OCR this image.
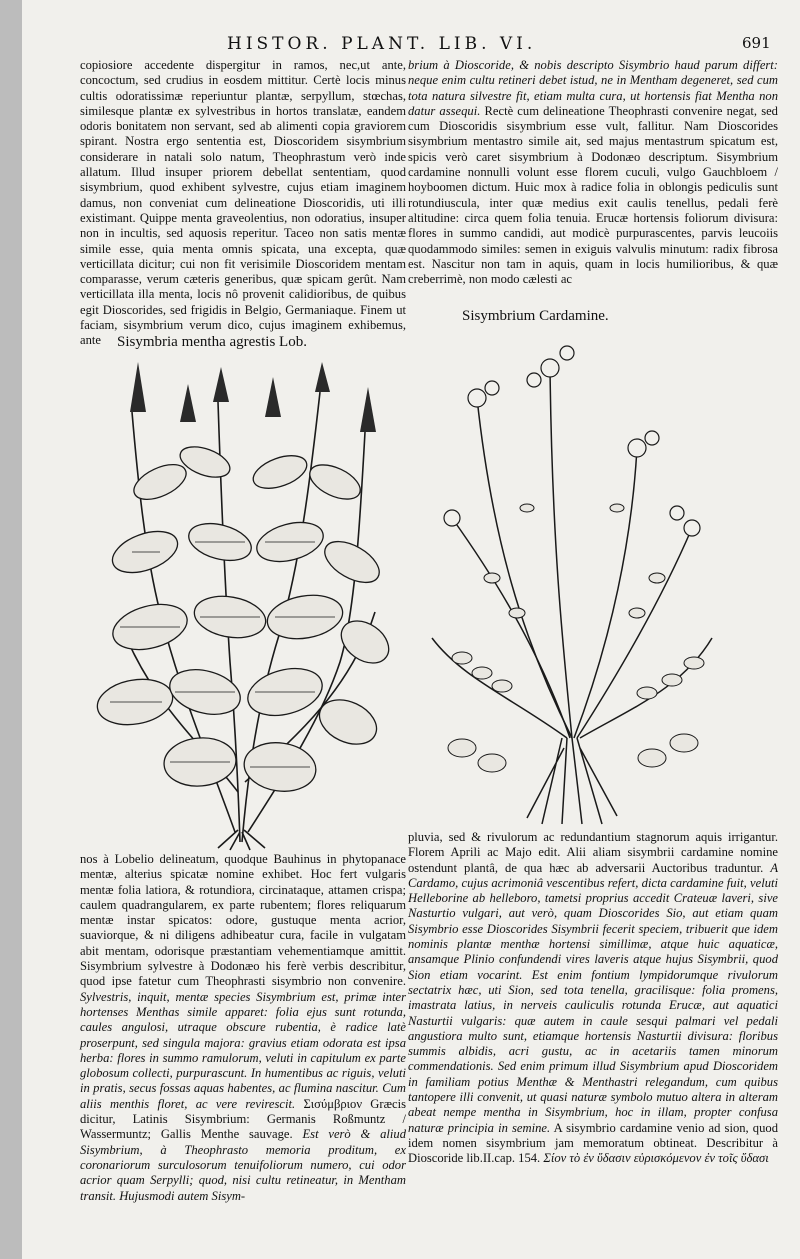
HISTOR. PLANT. LIB. VI.	691

copiosiore accedente dispergitur in ramos, nec,ut ante, concoctum, sed crudius in eosdem mittitur. Certè locis minus cultis odoratissimæ reperiuntur plantæ, serpyllum, stœchas, similesque plantæ ex sylvestribus in hortos translatæ, eandem odoris bonitatem non servant, sed ab alimenti copia graviorem spirant. Nostra ergo sententia est, Dioscoridem sisymbrium considerare in natali solo natum, Theophrastum verò inde allatum. Illud insuper priorem debellat sententiam, quod sisymbrium, quod exhibent sylvestre, cujus etiam imaginem damus, non conveniat cum delineatione Dioscoridis, uti illi existimant. Quippe menta graveolentius, non odoratius, insuper non in incultis, sed aquosis reperitur. Taceo non satis mentæ simile esse, quia menta omnis spicata, una excepta, quæ verticillata dicitur; cui non fit verisimile Dioscoridem mentam comparasse, verum cæteris generibus, quæ spicam gerût. Nam verticillata illa menta, locis nô provenit calidioribus, de quibus egit Dioscorides, sed frigidis in Belgio, Germaniaque. Finem ut faciam, sisymbrium verum dico, cujus imaginem exhibemus, ante	Sisymbria mentha agrestis Lob.

brium à Dioscoride, & nobis descripto Sisymbrio haud parum differt: neque enim cultu retineri debet istud, ne in Mentham degeneret, sed cum tota natura silvestre fit, etiam multa cura, ut hortensis fiat Mentha non datur assequi. Rectè cum delineatione Theophrasti convenire negat, sed cum Dioscoridis sisymbrium esse vult, fallitur. Nam Dioscorides sisymbrium mentastro simile ait, sed majus mentastrum spicatum est, spicis verò caret sisymbrium à Dodonæo descriptum. Sisymbrium cardamine nonnulli volunt esse florem cuculi, vulgo Gauchbloem / hoyboomen dictum. Huic mox à radice folia in oblongis pediculis sunt rotundiuscula, inter quæ medius exit caulis tenellus, pedali ferè altitudine: circa quem folia tenuia. Erucæ hortensis foliorum divisura: flores in summo candidi, aut modicè purpurascentes, parvis leucoiis quodammodo similes: semen in exiguis valvulis minutum: radix fibrosa est. Nascitur non tam in aquis, quam in locis humilioribus, & quæ creberrimè, non modo cælesti ac

Sisymbrium Cardamine.

nos à Lobelio delineatum, quodque Bauhinus in phytopanace mentæ, alterius spicatæ nomine exhibet. Hoc fert vulgaris mentæ folia latiora, & rotundiora, circinataque, attamen crispa; caulem quadrangularem, ex parte rubentem; flores reliquarum mentæ instar spicatos: odore, gustuque menta acrior, suaviorque, & ni diligens adhibeatur cura, facile in vulgatam abit mentam, odorisque præstantiam vehementiamque amittit. Sisymbrium sylvestre à Dodonæo his ferè verbis describitur, quod ipse fatetur cum Theophrasti sisymbrio non convenire. Sylvestris, inquit, mentæ species Sisymbrium est, primæ inter hortenses Menthas simile apparet: folia ejus sunt rotunda, caules angulosi, utraque obscure rubentia, è radice latè proserpunt, sed singula majora: gravius etiam odorata est ipsa herba: flores in summo ramulorum, veluti in capitulum ex parte globosum collecti, purpurascunt. In humentibus ac riguis, veluti in pratis, secus fossas aquas habentes, ac flumina nascitur. Cum aliis menthis floret, ac vere revirescit. Σισύμβριον Græcis dicitur, Latinis Sisymbrium: Germanis Roßmuntz / Wassermuntz; Gallis Menthe sauvage. Est verò & aliud Sisymbrium, à Theophrasto memoria proditum, ex coronariorum surculosorum tenuifoliorum numero, cui odor acrior quam Serpylli; quod, nisi cultu retineatur, in Mentham transit. Hujusmodi autem Sisym-

pluvia, sed & rivulorum ac redundantium stagnorum aquis irrigantur. Florem Aprili ac Majo edit. Alii aliam sisymbrii cardamine nomine ostendunt plantâ, de qua hæc ab adversarii Auctoribus traduntur. A Cardamo, cujus acrimoniâ vescentibus refert, dicta cardamine fuit, veluti Helleborine ab helleboro, tametsi proprius accedit Crateuæ laveri, sive Nasturtio vulgari, aut verò, quam Dioscorides Sio, aut etiam quam Sisymbrio esse Dioscorides Sisymbrii fecerit speciem, tribuerit que idem nominis plantæ menthæ hortensi simillimæ, atque huic aquaticæ, ansamque Plinio confundendi vires laveris atque hujus Sisymbrii, quod Sion etiam vocarint. Est enim fontium lympidorumque rivulorum sectatrix hæc, uti Sion, sed tota tenella, gracilisque: folia promens, imastrata latius, in nerveis cauliculis rotunda Erucæ, aut aquatici Nasturtii vulgaris: quæ autem in caule sesqui palmari vel pedali angustiora multo sunt, etiamque hortensis Nasturtii divisura: floribus summis albidis, acri gustu, ac in acetariis tamen minorum commendationis. Sed enim primum illud Sisymbrium apud Dioscoridem in familiam potius Menthæ & Menthastri relegandum, cum quibus tantopere illi convenit, ut quasi naturæ symbolo mutuo altera in alteram abeat nempe mentha in Sisymbrium, hoc in illam, propter confusa naturæ principia in semine. A sisymbrio cardamine venio ad sion, quod idem nomen sisymbrium jam memoratum obtineat. Describitur à Dioscoride lib.II.cap. 154. Σίον τὸ ἐν ὕδασιν εὑρισκόμενον ἐν τοῖς ὕδασι
